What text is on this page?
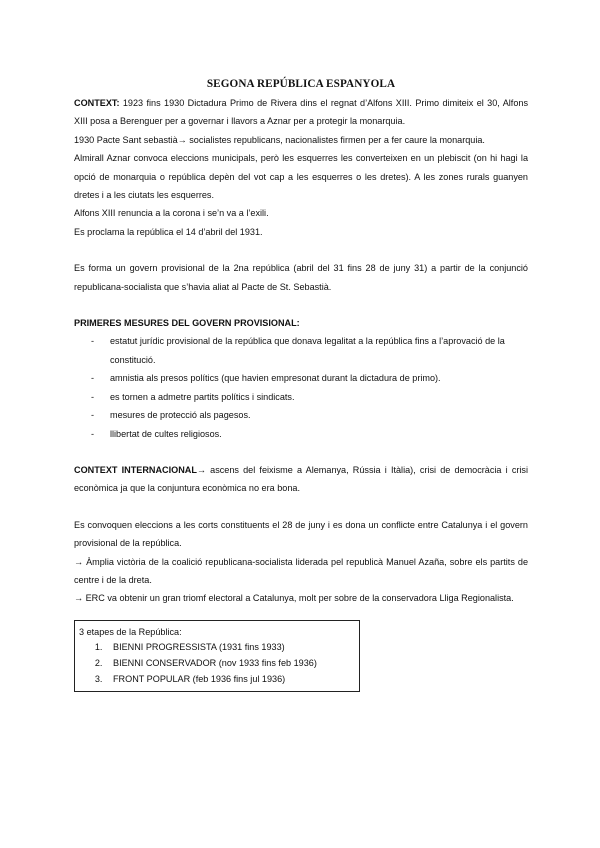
SEGONA REPÚBLICA ESPANYOLA

CONTEXT: 1923 fins 1930 Dictadura Primo de Rivera dins el regnat d’Alfons XIII. Primo dimiteix el 30, Alfons XIII posa a Berenguer per a governar i llavors a Aznar per a protegir la monarquia.

1930 Pacte Sant sebastià→ socialistes republicans, nacionalistes firmen per a fer caure la monarquia.

Almirall Aznar convoca eleccions municipals, però les esquerres les converteixen en un plebiscit (on hi hagi la opció de monarquia o república depèn del vot cap a les esquerres o les dretes). A les zones rurals guanyen dretes i a les ciutats les esquerres.

Alfons XIII renuncia a la corona i se’n va a l’exili.

Es proclama la república el 14 d’abril del 1931.

Es forma un govern provisional de la 2na república (abril del 31 fins 28 de juny 31) a partir de la conjunció republicana-socialista que s’havia aliat al Pacte de St. Sebastià.

PRIMERES MESURES DEL GOVERN PROVISIONAL:

- estatut jurídic provisional de la república que donava legalitat a la república fins a l’aprovació de la constitució.
- amnistia als presos polítics (que havien empresonat durant la dictadura de primo).
- es tornen a admetre partits polítics i sindicats.
- mesures de protecció als pagesos.
- llibertat de cultes religiosos.

CONTEXT INTERNACIONAL→ ascens del feixisme a Alemanya, Rússia i Itàlia), crisi de democràcia i crisi econòmica ja que la conjuntura econòmica no era bona.

Es convoquen eleccions a les corts constituents el 28 de juny i es dona un conflicte entre Catalunya i el govern provisional de la república.

→ Àmplia victòria de la coalició republicana-socialista liderada pel republicà Manuel Azaña, sobre els partits de centre i de la dreta.

→ ERC va obtenir un gran triomf electoral a Catalunya, molt per sobre de la conservadora Lliga Regionalista.

3 etapes de la República:

1. BIENNI PROGRESSISTA (1931 fins 1933)
2. BIENNI CONSERVADOR (nov 1933 fins feb 1936)
3. FRONT POPULAR (feb 1936 fins jul 1936)
